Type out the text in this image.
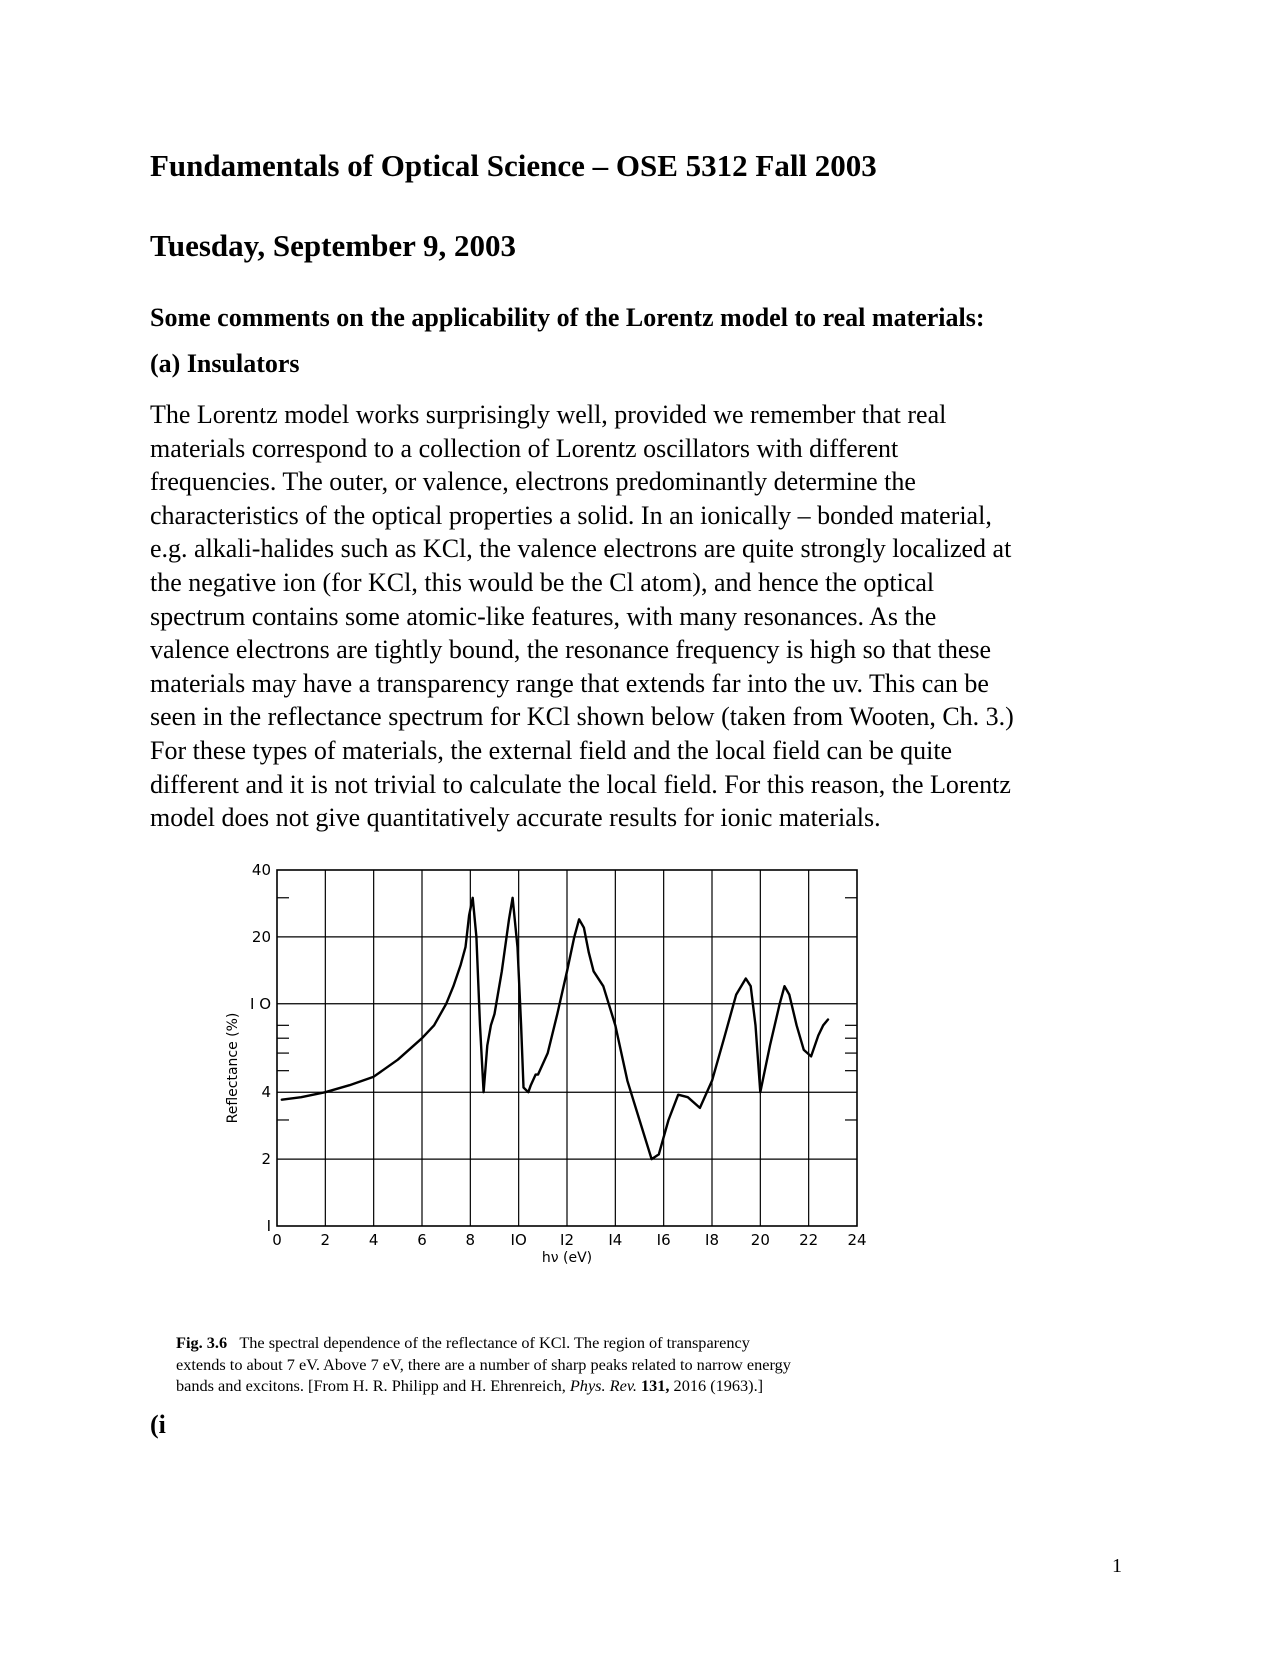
Fundamentals of Optical Science – OSE 5312 Fall 2003
Tuesday, September 9, 2003
Some comments on the applicability of the Lorentz model to real materials:
(a) Insulators
The Lorentz model works surprisingly well, provided we remember that real
materials correspond to a collection of Lorentz oscillators with different
frequencies. The outer, or valence, electrons predominantly determine the
characteristics of the optical properties a solid. In an ionically – bonded material,
e.g. alkali-halides such as KCl, the valence electrons are quite strongly localized at
the negative ion (for KCl, this would be the Cl atom), and hence the optical
spectrum contains some atomic-like features, with many resonances. As the
valence electrons are tightly bound, the resonance frequency is high so that these
materials may have a transparency range that extends far into the uv. This can be
seen in the reflectance spectrum for KCl shown below (taken from Wooten, Ch. 3.)
For these types of materials, the external field and the local field can be quite
different and it is not trivial to calculate the local field. For this reason, the Lorentz
model does not give quantitatively accurate results for ionic materials.
0	2	4	6	8 IO I2 I4 I6 I8 20 22 24
I
2
4
I O
20
40
hν (eV)
Reflectance (%)
Fig. 3.6 The spectral dependence of the reflectance of KCl. The region of transparency
extends to about 7 eV. Above 7 eV, there are a number of sharp peaks related to narrow energy
bands and excitons. [From H. R. Philipp and H. Ehrenreich, Phys. Rev. 131, 2016 (1963).]
(i
1
